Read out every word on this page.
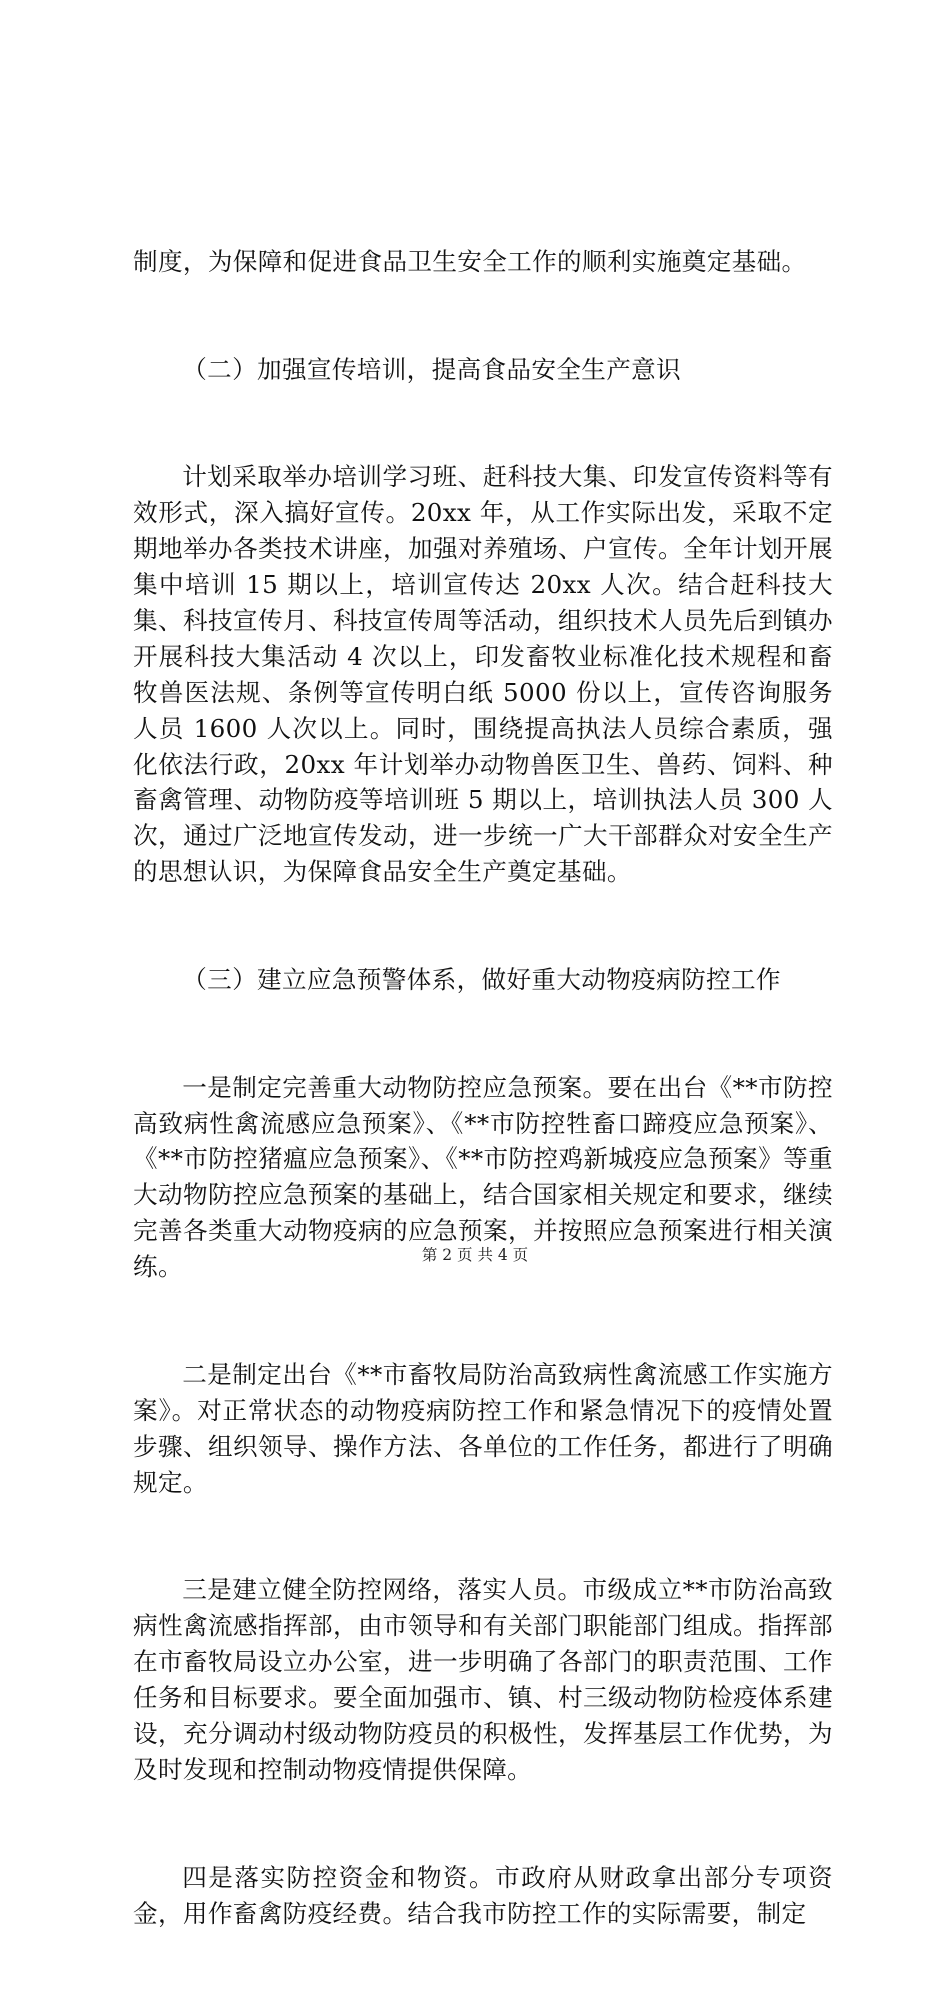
制度，为保障和促进食品卫生安全工作的顺利实施奠定基础。

（二）加强宣传培训，提高食品安全生产意识

计划采取举办培训学习班、赶科技大集、印发宣传资料等有效形式，深入搞好宣传。20xx 年，从工作实际出发，采取不定期地举办各类技术讲座，加强对养殖场、户宣传。全年计划开展集中培训 15 期以上，培训宣传达 20xx 人次。结合赶科技大集、科技宣传月、科技宣传周等活动，组织技术人员先后到镇办开展科技大集活动 4 次以上，印发畜牧业标准化技术规程和畜牧兽医法规、条例等宣传明白纸 5000 份以上，宣传咨询服务人员 1600 人次以上。同时，围绕提高执法人员综合素质，强化依法行政，20xx 年计划举办动物兽医卫生、兽药、饲料、种畜禽管理、动物防疫等培训班 5 期以上，培训执法人员 300 人次，通过广泛地宣传发动，进一步统一广大干部群众对安全生产的思想认识，为保障食品安全生产奠定基础。

（三）建立应急预警体系，做好重大动物疫病防控工作

一是制定完善重大动物防控应急预案。要在出台《**市防控高致病性禽流感应急预案》、《**市防控牲畜口蹄疫应急预案》、《**市防控猪瘟应急预案》、《**市防控鸡新城疫应急预案》等重大动物防控应急预案的基础上，结合国家相关规定和要求，继续完善各类重大动物疫病的应急预案，并按照应急预案进行相关演练。

二是制定出台《**市畜牧局防治高致病性禽流感工作实施方案》。对正常状态的动物疫病防控工作和紧急情况下的疫情处置步骤、组织领导、操作方法、各单位的工作任务，都进行了明确规定。

三是建立健全防控网络，落实人员。市级成立**市防治高致病性禽流感指挥部，由市领导和有关部门职能部门组成。指挥部在市畜牧局设立办公室，进一步明确了各部门的职责范围、工作任务和目标要求。要全面加强市、镇、村三级动物防检疫体系建设，充分调动村级动物防疫员的积极性，发挥基层工作优势，为及时发现和控制动物疫情提供保障。

四是落实防控资金和物资。市政府从财政拿出部分专项资金，用作畜禽防疫经费。结合我市防控工作的实际需要，制定

第 2 页 共 4 页
